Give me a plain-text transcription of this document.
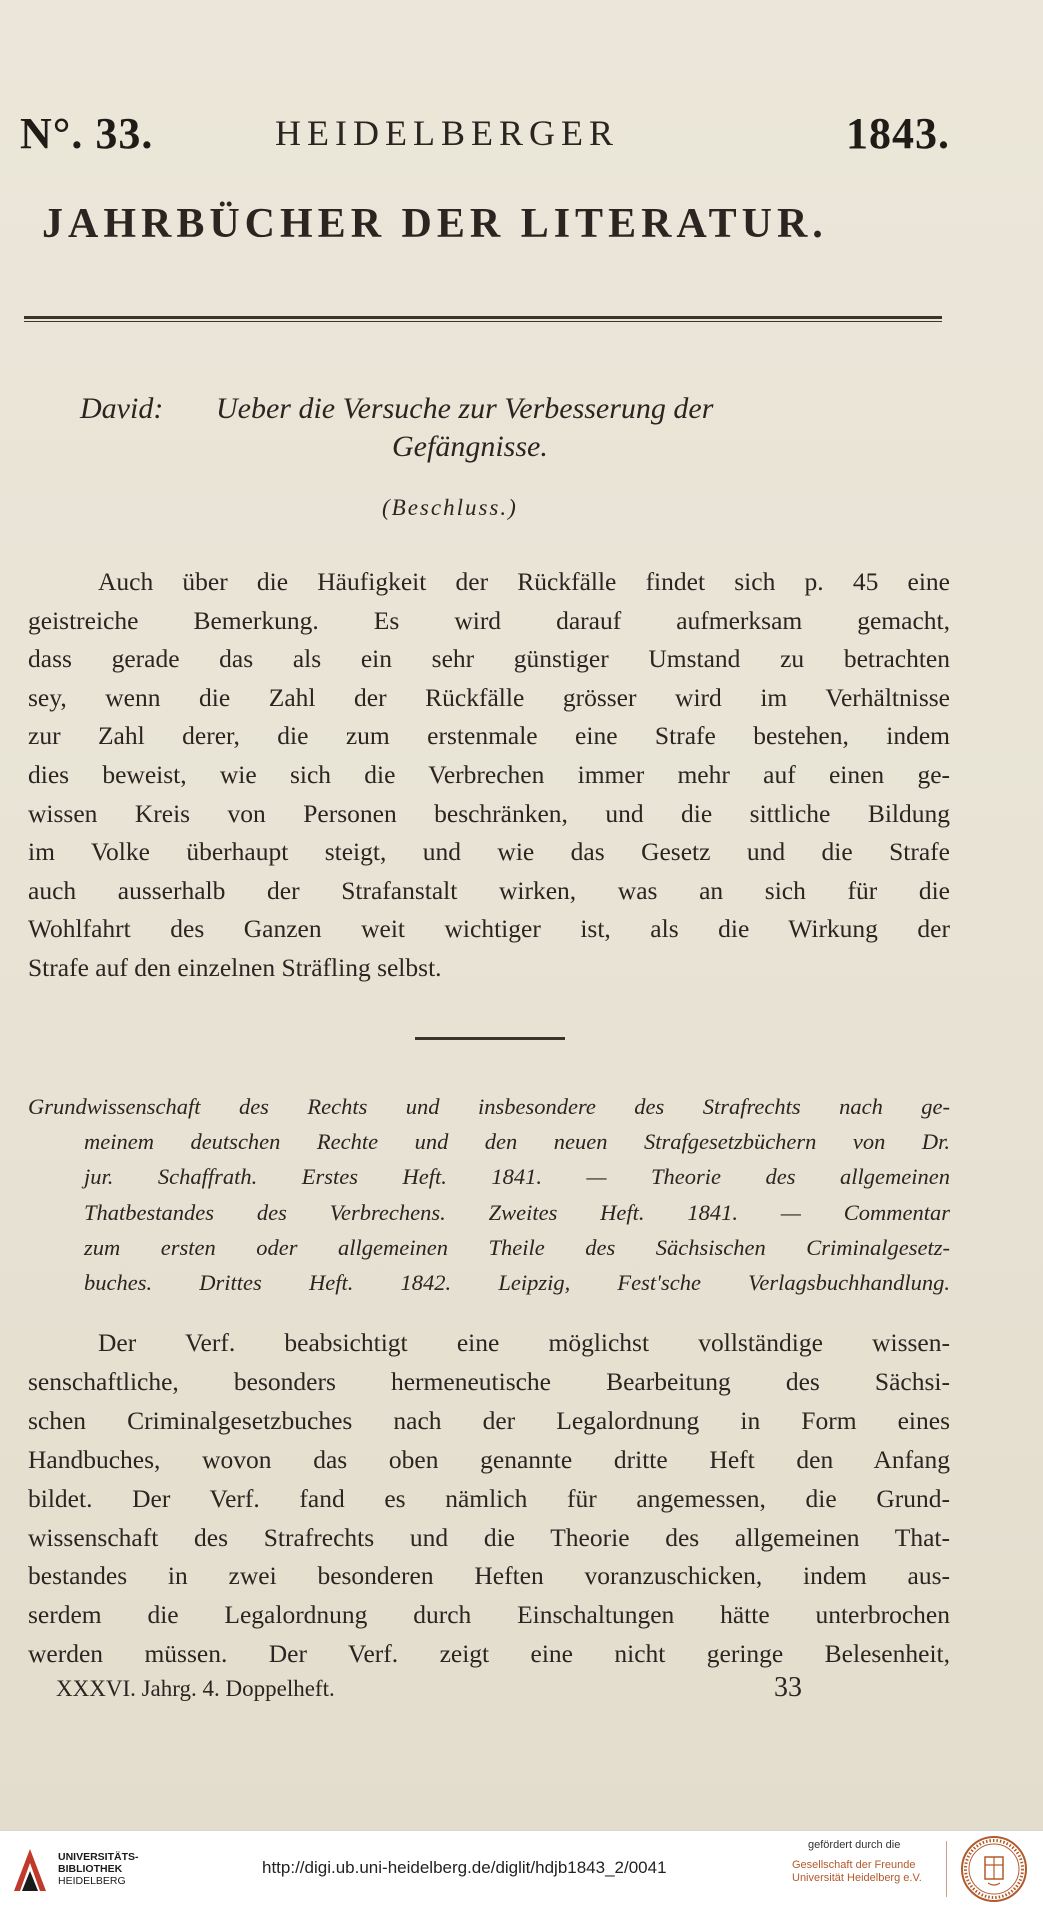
N°. 33.	HEIDELBERGER	1843.
JAHRBÜCHER DER LITERATUR.
David: Ueber die Versuche zur Verbesserung der
Gefängnisse.
(Beschluss.)
Auch über die Häufigkeit der Rückfälle findet sich p. 45 eine
geistreiche Bemerkung. Es wird darauf aufmerksam gemacht,
dass gerade das als ein sehr günstiger Umstand zu betrachten
sey, wenn die Zahl der Rückfälle grösser wird im Verhältnisse
zur Zahl derer, die zum erstenmale eine Strafe bestehen, indem
dies beweist, wie sich die Verbrechen immer mehr auf einen ge-
wissen Kreis von Personen beschränken, und die sittliche Bildung
im Volke überhaupt steigt, und wie das Gesetz und die Strafe
auch ausserhalb der Strafanstalt wirken, was an sich für die
Wohlfahrt des Ganzen weit wichtiger ist, als die Wirkung der
Strafe auf den einzelnen Sträfling selbst.
Grundwissenschaft des Rechts und insbesondere des Strafrechts nach ge-
meinem deutschen Rechte und den neuen Strafgesetzbüchern von Dr.
jur. Schaffrath. Erstes Heft. 1841. — Theorie des allgemeinen
Thatbestandes des Verbrechens. Zweites Heft. 1841. — Commentar
zum ersten oder allgemeinen Theile des Sächsischen Criminalgesetz-
buches. Drittes Heft. 1842. Leipzig, Fest'sche Verlagsbuchhandlung.
Der Verf. beabsichtigt eine möglichst vollständige wissen-
senschaftliche, besonders hermeneutische Bearbeitung des Sächsi-
schen Criminalgesetzbuches nach der Legalordnung in Form eines
Handbuches, wovon das oben genannte dritte Heft den Anfang
bildet. Der Verf. fand es nämlich für angemessen, die Grund-
wissenschaft des Strafrechts und die Theorie des allgemeinen That-
bestandes in zwei besonderen Heften voranzuschicken, indem aus-
serdem die Legalordnung durch Einschaltungen hätte unterbrochen
werden müssen. Der Verf. zeigt eine nicht geringe Belesenheit,
XXXVI. Jahrg. 4. Doppelheft.	33
UNIVERSITÄTS-
BIBLIOTHEK
HEIDELBERG
http://digi.ub.uni-heidelberg.de/diglit/hdjb1843_2/0041
gefördert durch die
Gesellschaft der Freunde
Universität Heidelberg e.V.
